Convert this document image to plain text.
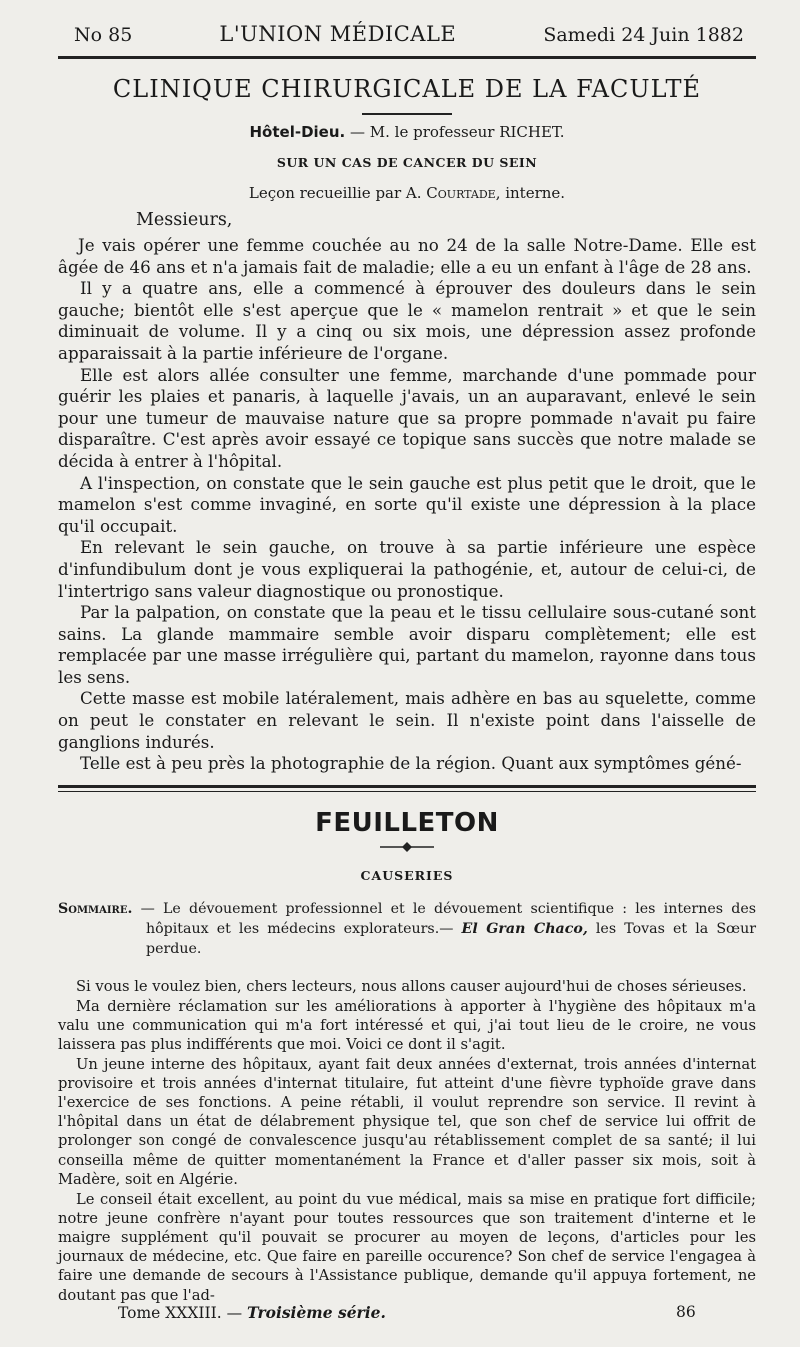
No 85	L'UNION MÉDICALE	Samedi 24 Juin 1882
CLINIQUE CHIRURGICALE DE LA FACULTÉ
Hôtel-Dieu. — M. le professeur RICHET.
SUR UN CAS DE CANCER DU SEIN
Leçon recueillie par A. Courtade, interne.
Messieurs,

Je vais opérer une femme couchée au no 24 de la salle Notre-Dame. Elle est âgée de 46 ans et n'a jamais fait de maladie; elle a eu un enfant à l'âge de 28 ans.

Il y a quatre ans, elle a commencé à éprouver des douleurs dans le sein gauche; bientôt elle s'est aperçue que le « mamelon rentrait » et que le sein diminuait de volume. Il y a cinq ou six mois, une dépression assez profonde apparaissait à la partie inférieure de l'organe.

Elle est alors allée consulter une femme, marchande d'une pommade pour guérir les plaies et panaris, à laquelle j'avais, un an auparavant, enlevé le sein pour une tumeur de mauvaise nature que sa propre pommade n'avait pu faire disparaître. C'est après avoir essayé ce topique sans succès que notre malade se décida à entrer à l'hôpital.

A l'inspection, on constate que le sein gauche est plus petit que le droit, que le mamelon s'est comme invaginé, en sorte qu'il existe une dépression à la place qu'il occupait.

En relevant le sein gauche, on trouve à sa partie inférieure une espèce d'infundibulum dont je vous expliquerai la pathogénie, et, autour de celui-ci, de l'intertrigo sans valeur diagnostique ou pronostique.

Par la palpation, on constate que la peau et le tissu cellulaire sous-cutané sont sains. La glande mammaire semble avoir disparu complètement; elle est remplacée par une masse irrégulière qui, partant du mamelon, rayonne dans tous les sens.

Cette masse est mobile latéralement, mais adhère en bas au squelette, comme on peut le constater en relevant le sein. Il n'existe point dans l'aisselle de ganglions indurés.

Telle est à peu près la photographie de la région. Quant aux symptômes géné-

FEUILLETON
CAUSERIES
Sommaire. — Le dévouement professionnel et le dévouement scientifique : les internes des hôpitaux et les médecins explorateurs.— El Gran Chaco, les Tovas et la Sœur perdue.

Si vous le voulez bien, chers lecteurs, nous allons causer aujourd'hui de choses sérieuses.

Ma dernière réclamation sur les améliorations à apporter à l'hygiène des hôpitaux m'a valu une communication qui m'a fort intéressé et qui, j'ai tout lieu de le croire, ne vous laissera pas plus indifférents que moi. Voici ce dont il s'agit.

Un jeune interne des hôpitaux, ayant fait deux années d'externat, trois années d'internat provisoire et trois années d'internat titulaire, fut atteint d'une fièvre typhoïde grave dans l'exercice de ses fonctions. A peine rétabli, il voulut reprendre son service. Il revint à l'hôpital dans un état de délabrement physique tel, que son chef de service lui offrit de prolonger son congé de convalescence jusqu'au rétablissement complet de sa santé; il lui conseilla même de quitter momentanément la France et d'aller passer six mois, soit à Madère, soit en Algérie.

Le conseil était excellent, au point du vue médical, mais sa mise en pratique fort difficile; notre jeune confrère n'ayant pour toutes ressources que son traitement d'interne et le maigre supplément qu'il pouvait se procurer au moyen de leçons, d'articles pour les journaux de médecine, etc. Que faire en pareille occurence? Son chef de service l'engagea à faire une demande de secours à l'Assistance publique, demande qu'il appuya fortement, ne doutant pas que l'ad-

Tome XXXIII. — Troisième série.	86
